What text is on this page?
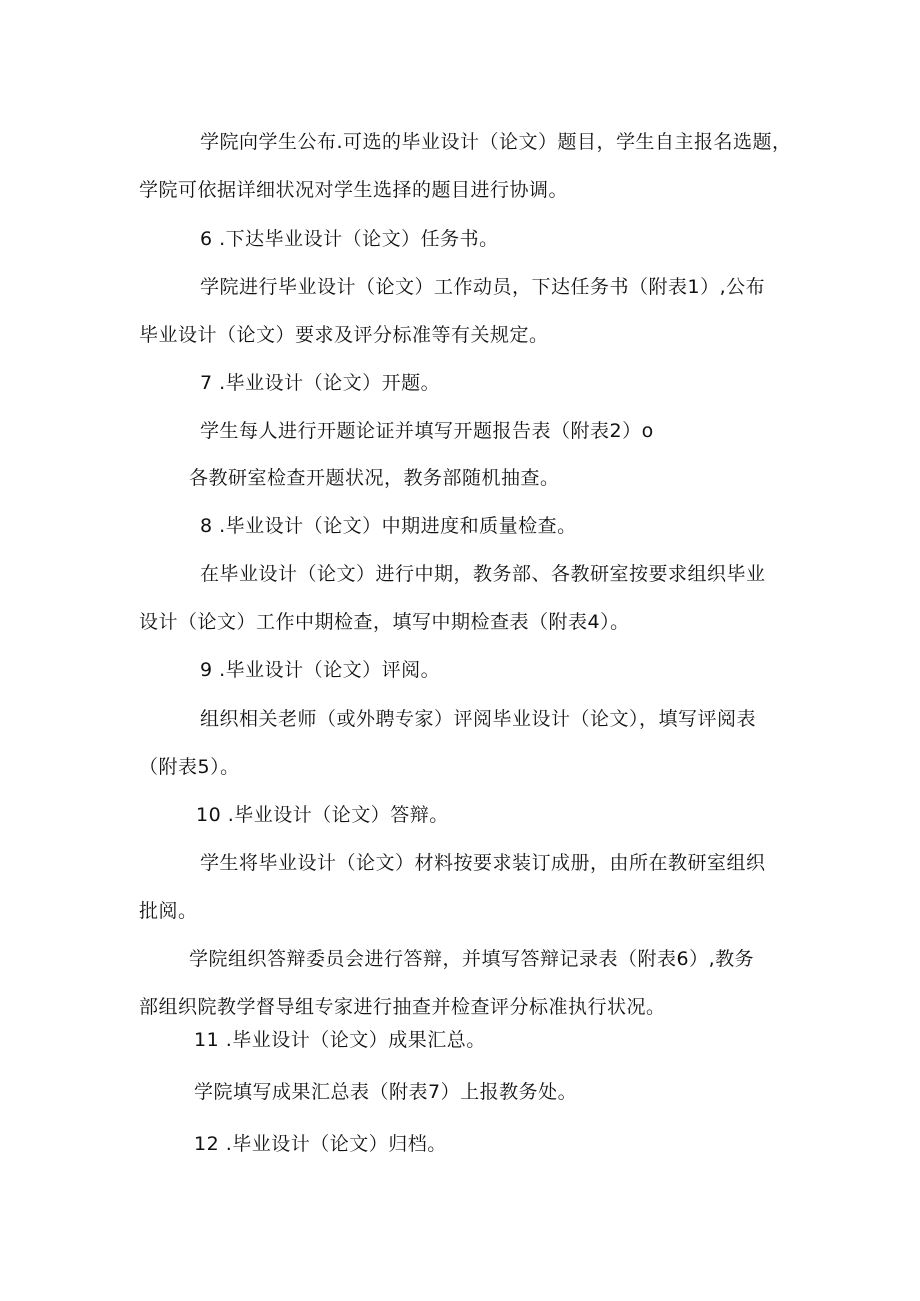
学院向学生公布.可选的毕业设计（论文）题目，学生自主报名选题，
学院可依据详细状况对学生选择的题目进行协调。
6 .下达毕业设计（论文）任务书。
学院进行毕业设计（论文）工作动员，下达任务书（附表1）,公布
毕业设计（论文）要求及评分标准等有关规定。
7 .毕业设计（论文）开题。
学生每人进行开题论证并填写开题报告表（附表2）o
各教研室检查开题状况，教务部随机抽查。
8 .毕业设计（论文）中期进度和质量检查。
在毕业设计（论文）进行中期，教务部、各教研室按要求组织毕业
设计（论文）工作中期检查，填写中期检查表（附表4）。
9 .毕业设计（论文）评阅。
组织相关老师（或外聘专家）评阅毕业设计（论文），填写评阅表
（附表5）。
10 .毕业设计（论文）答辩。
学生将毕业设计（论文）材料按要求装订成册，由所在教研室组织
批阅。
学院组织答辩委员会进行答辩，并填写答辩记录表（附表6）,教务
部组织院教学督导组专家进行抽查并检查评分标准执行状况。
11 .毕业设计（论文）成果汇总。
学院填写成果汇总表（附表7）上报教务处。
12 .毕业设计（论文）归档。
